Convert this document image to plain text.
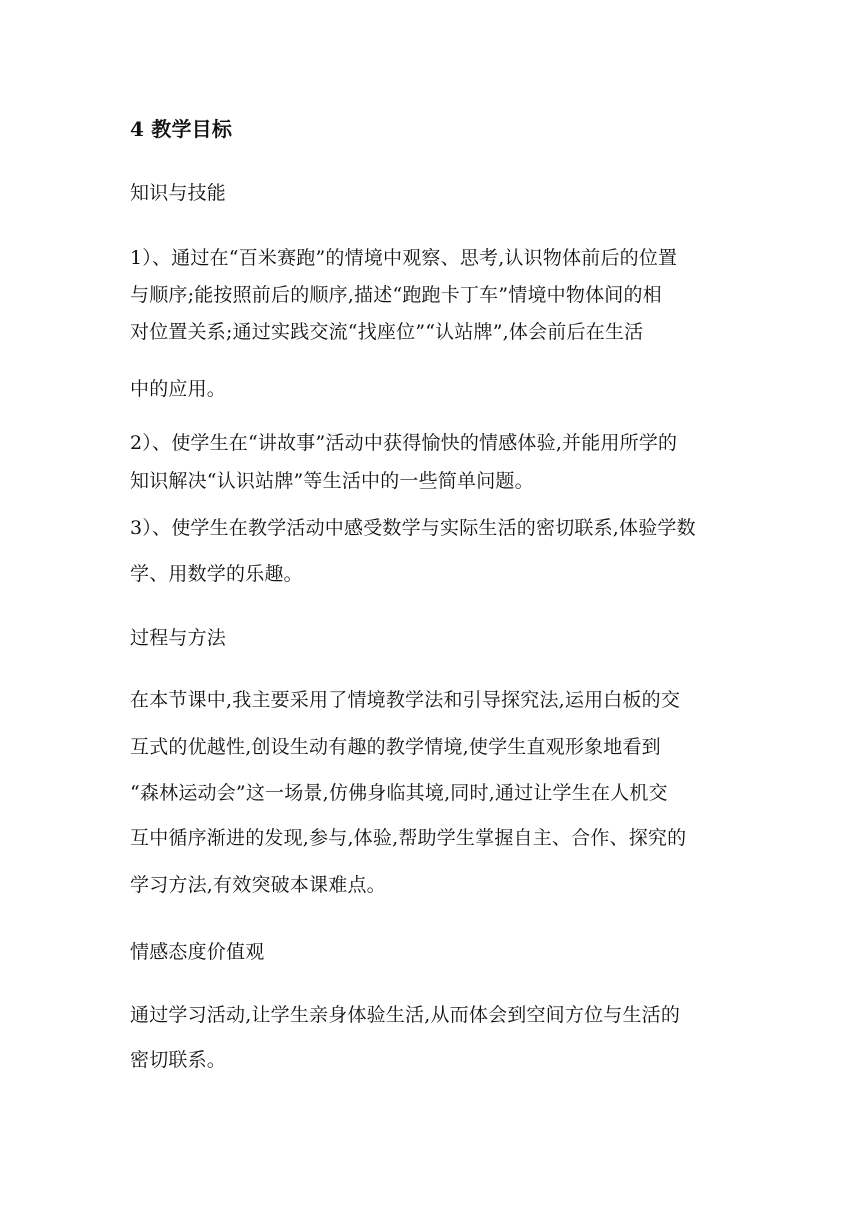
4 教学目标
知识与技能
1）、通过在“百米赛跑”的情境中观察、思考,认识物体前后的位置
与顺序;能按照前后的顺序,描述“跑跑卡丁车”情境中物体间的相
对位置关系;通过实践交流“找座位”“认站牌”,体会前后在生活
中的应用。
2）、使学生在“讲故事”活动中获得愉快的情感体验,并能用所学的
知识解决“认识站牌”等生活中的一些简单问题。
3）、使学生在教学活动中感受数学与实际生活的密切联系,体验学数
学、用数学的乐趣。
过程与方法
在本节课中,我主要采用了情境教学法和引导探究法,运用白板的交
互式的优越性,创设生动有趣的教学情境,使学生直观形象地看到
“森林运动会”这一场景,仿佛身临其境,同时,通过让学生在人机交
互中循序渐进的发现,参与,体验,帮助学生掌握自主、合作、探究的
学习方法,有效突破本课难点。
情感态度价值观
通过学习活动,让学生亲身体验生活,从而体会到空间方位与生活的
密切联系。
